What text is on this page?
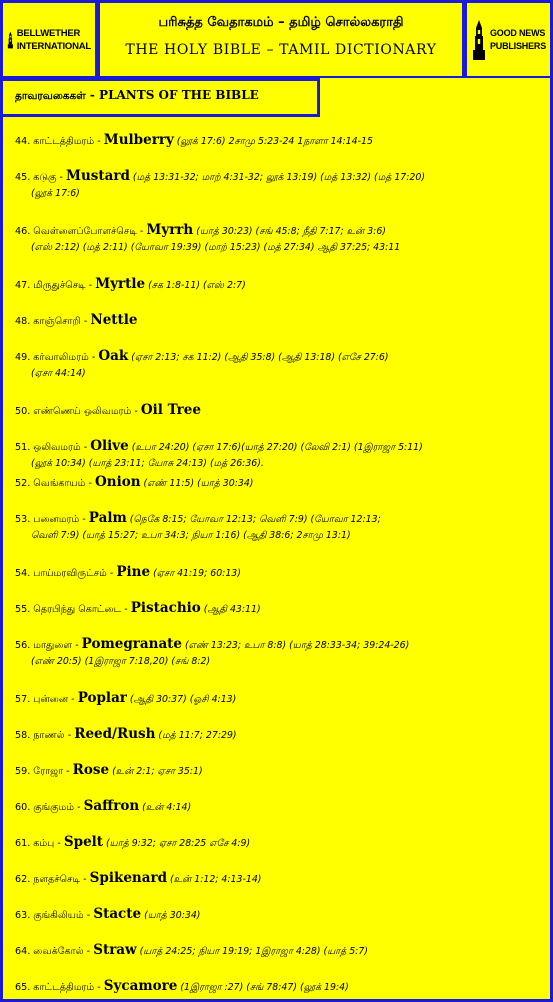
BELLWETHER
INTERNATIONAL
பரிசுத்த வேதாகமம் – தமிழ் சொல்லகராதி
THE HOLY BIBLE – TAMIL DICTIONARY
GOOD NEWS
PUBLISHERS
44. காட்டத்திமரம் - Mulberry (லூக் 17:6) 2சாமு 5:23-24 1நாளா 14:14-15
45. கடுகு - Mustard (மத் 13:31-32; மாற் 4:31-32; லூக் 13:19) (மத் 13:32) (மத் 17:20)
(லூக் 17:6)
46. வெள்ளைப்போளச்செடி - Myrrh (யாத் 30:23) (சங் 45:8; நீதி 7:17; உன் 3:6)
(எஸ் 2:12) (மத் 2:11) (யோவா 19:39) (மாற் 15:23) (மத் 27:34) ஆதி 37:25; 43:11
47. மிருதுச்செடி - Myrtle (சக 1:8-11) (எஸ் 2:7)
48. காஞ்சொறி - Nettle
49. கர்வாலிமரம் - Oak (ஏசா 2:13; சக 11:2) (ஆதி 35:8) (ஆதி 13:18) (எசே 27:6)
(ஏசா 44:14)
50. எண்ணெய் ஒலிவமரம் - Oil Tree
51. ஒலிவமரம் - Olive (உபா 24:20) (ஏசா 17:6)(யாத் 27:20) (லேவி 2:1) (1இராஜா 5:11)
(லூக் 10:34) (யாத் 23:11; யோசு 24:13) (மத் 26:36).
52. வெங்காயம் - Onion (எண் 11:5) (யாத் 30:34)
53. பனைமரம் - Palm (நெகே 8:15; யோவா 12:13; வெளி 7:9) (யோவா 12:13;
வெளி 7:9) (யாத் 15:27; உபா 34:3; நியா 1:16) (ஆதி 38:6; 2சாமு 13:1)
54. பாய்மரவிருட்சம் - Pine (ஏசா 41:19; 60:13)
55. தெரபிந்து கொட்டை - Pistachio (ஆதி 43:11)
56. மாதுளை - Pomegranate (எண் 13:23; உபா 8:8) (யாத் 28:33-34; 39:24-26)
(எண் 20:5) (1இராஜா 7:18,20) (சங் 8:2)
57. புன்னை - Poplar (ஆதி 30:37) (ஓசி 4:13)
58. நாணல் - Reed/Rush (மத் 11:7; 27:29)
59. ரோஜா - Rose (உன் 2:1; ஏசா 35:1)
60. குங்குமம் - Saffron (உன் 4:14)
61. கம்பு - Spelt (யாத் 9:32; ஏசா 28:25 எசே 4:9)
62. நளதச்செடி - Spikenard (உன் 1:12; 4:13-14)
63. குங்கிலியம் - Stacte (யாத் 30:34)
64. வைக்கோல் - Straw (யாத் 24:25; நியா 19:19; 1இராஜா 4:28) (யாத் 5:7)
65. காட்டத்திமரம் - Sycamore (1இராஜா :27) (சங் 78:47) (லூக் 19:4)
தாவரவகைகள் - PLANTS OF THE BIBLE
